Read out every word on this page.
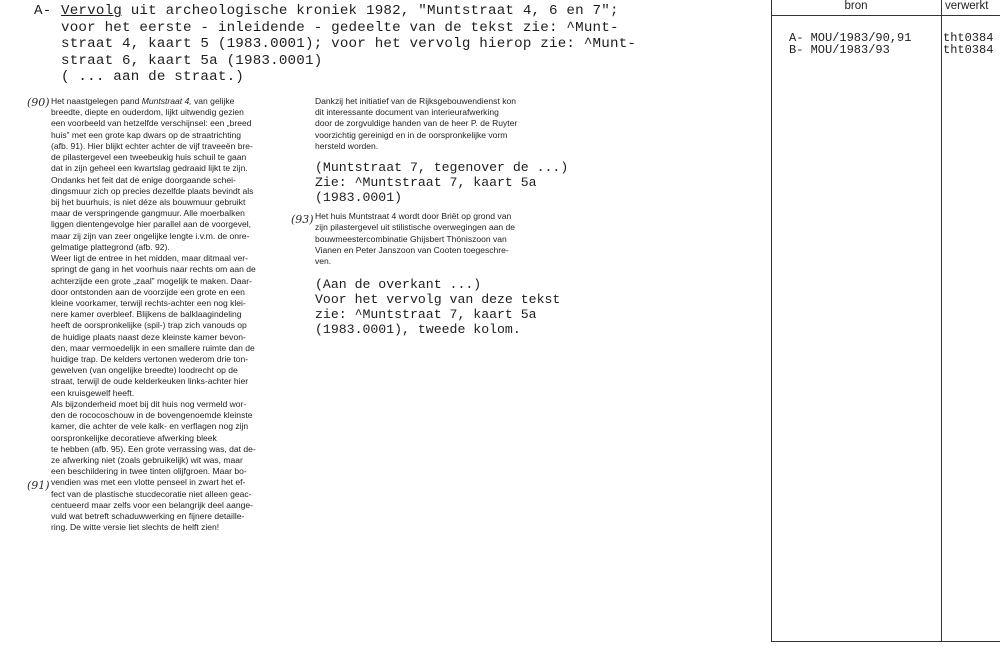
A- Vervolg uit archeologische kroniek 1982, "Muntstraat 4, 6 en 7";
voor het eerste - inleidende - gedeelte van de tekst zie: ^Munt-
straat 4, kaart 5 (1983.0001); voor het vervolg hierop zie: ^Munt-
straat 6, kaart 5a (1983.0001)
( ... aan de straat.)
(90)
(91)
(93)

Het naastgelegen pand Muntstraat 4, van gelijke
breedte, diepte en ouderdom, lijkt uitwendig gezien
een voorbeeld van hetzelfde verschijnsel: een „breed
huis” met een grote kap dwars op de straatrichting
(afb. 91). Hier blijkt echter achter de vijf traveeën bre-
de pilastergevel een tweebeukig huis schuil te gaan
dat in zijn geheel een kwartslag gedraaid lijkt te zijn.
Ondanks het feit dat de enige doorgaande schei-
dingsmuur zich op precies dezelfde plaats bevindt als
bij het buurhuis, is niet déze als bouwmuur gebruikt
maar de verspringende gangmuur. Alle moerbalken
liggen dientengevolge hier parallel aan de voorgevel,
maar zij zijn van zeer ongelijke lengte i.v.m. de onre-
gelmatige plattegrond (afb. 92).
Weer ligt de entree in het midden, maar ditmaal ver-
springt de gang in het voorhuis naar rechts om aan de
achterzijde een grote „zaal” mogelijk te maken. Daar-
door ontstonden aan de voorzijde een grote en een
kleine voorkamer, terwijl rechts-achter een nog klei-
nere kamer overbleef. Blijkens de balklaagindeling
heeft de oorspronkelijke (spil-) trap zich vanouds op
de huidige plaats naast deze kleinste kamer bevon-
den, maar vermoedelijk in een smallere ruimte dan de
huidige trap. De kelders vertonen wederom drie ton-
gewelven (van ongelijke breedte) loodrecht op de
straat, terwijl de oude kelderkeuken links-achter hier
een kruisgewelf heeft.
Als bijzonderheid moet bij dit huis nog vermeld wor-
den de rococoschouw in de bovengenoemde kleinste
kamer, die achter de vele kalk- en verflagen nog zijn
oorspronkelijke decoratieve afwerking bleek
te hebben (afb. 95). Een grote verrassing was, dat de-
ze afwerking niet (zoals gebruikelijk) wit was, maar
een beschildering in twee tinten olijfgroen. Maar bo-
vendien was met een vlotte penseel in zwart het ef-
fect van de plastische stucdecoratie niet alleen geac-
centueerd maar zelfs voor een belangrijk deel aange-
vuld wat betreft schaduwwerking en fijnere detaille-
ring. De witte versie liet slechts de helft zien!

Dankzij het initiatief van de Rijksgebouwendienst kon
dit interessante document van interieurafwerking
door de zorgvuldige handen van de heer P. de Ruyter
voorzichtig gereinigd en in de oorspronkelijke vorm
hersteld worden.

(Muntstraat 7, tegenover de ...)
Zie: ^Muntstraat 7, kaart 5a
(1983.0001)

Het huis Muntstraat 4 wordt door Briët op grond van
zijn pilastergevel uit stilistische overwegingen aan de
bouwmeestercombinatie Ghijsbert Thöniszoon van
Vianen en Peter Janszoon van Cooten toegeschre-
ven.

(Aan de overkant ...)
Voor het vervolg van deze tekst
zie: ^Muntstraat 7, kaart 5a
(1983.0001), tweede kolom.
bron	verwerkt
A- MOU/1983/90,91
B- MOU/1983/93
tht0384
tht0384
